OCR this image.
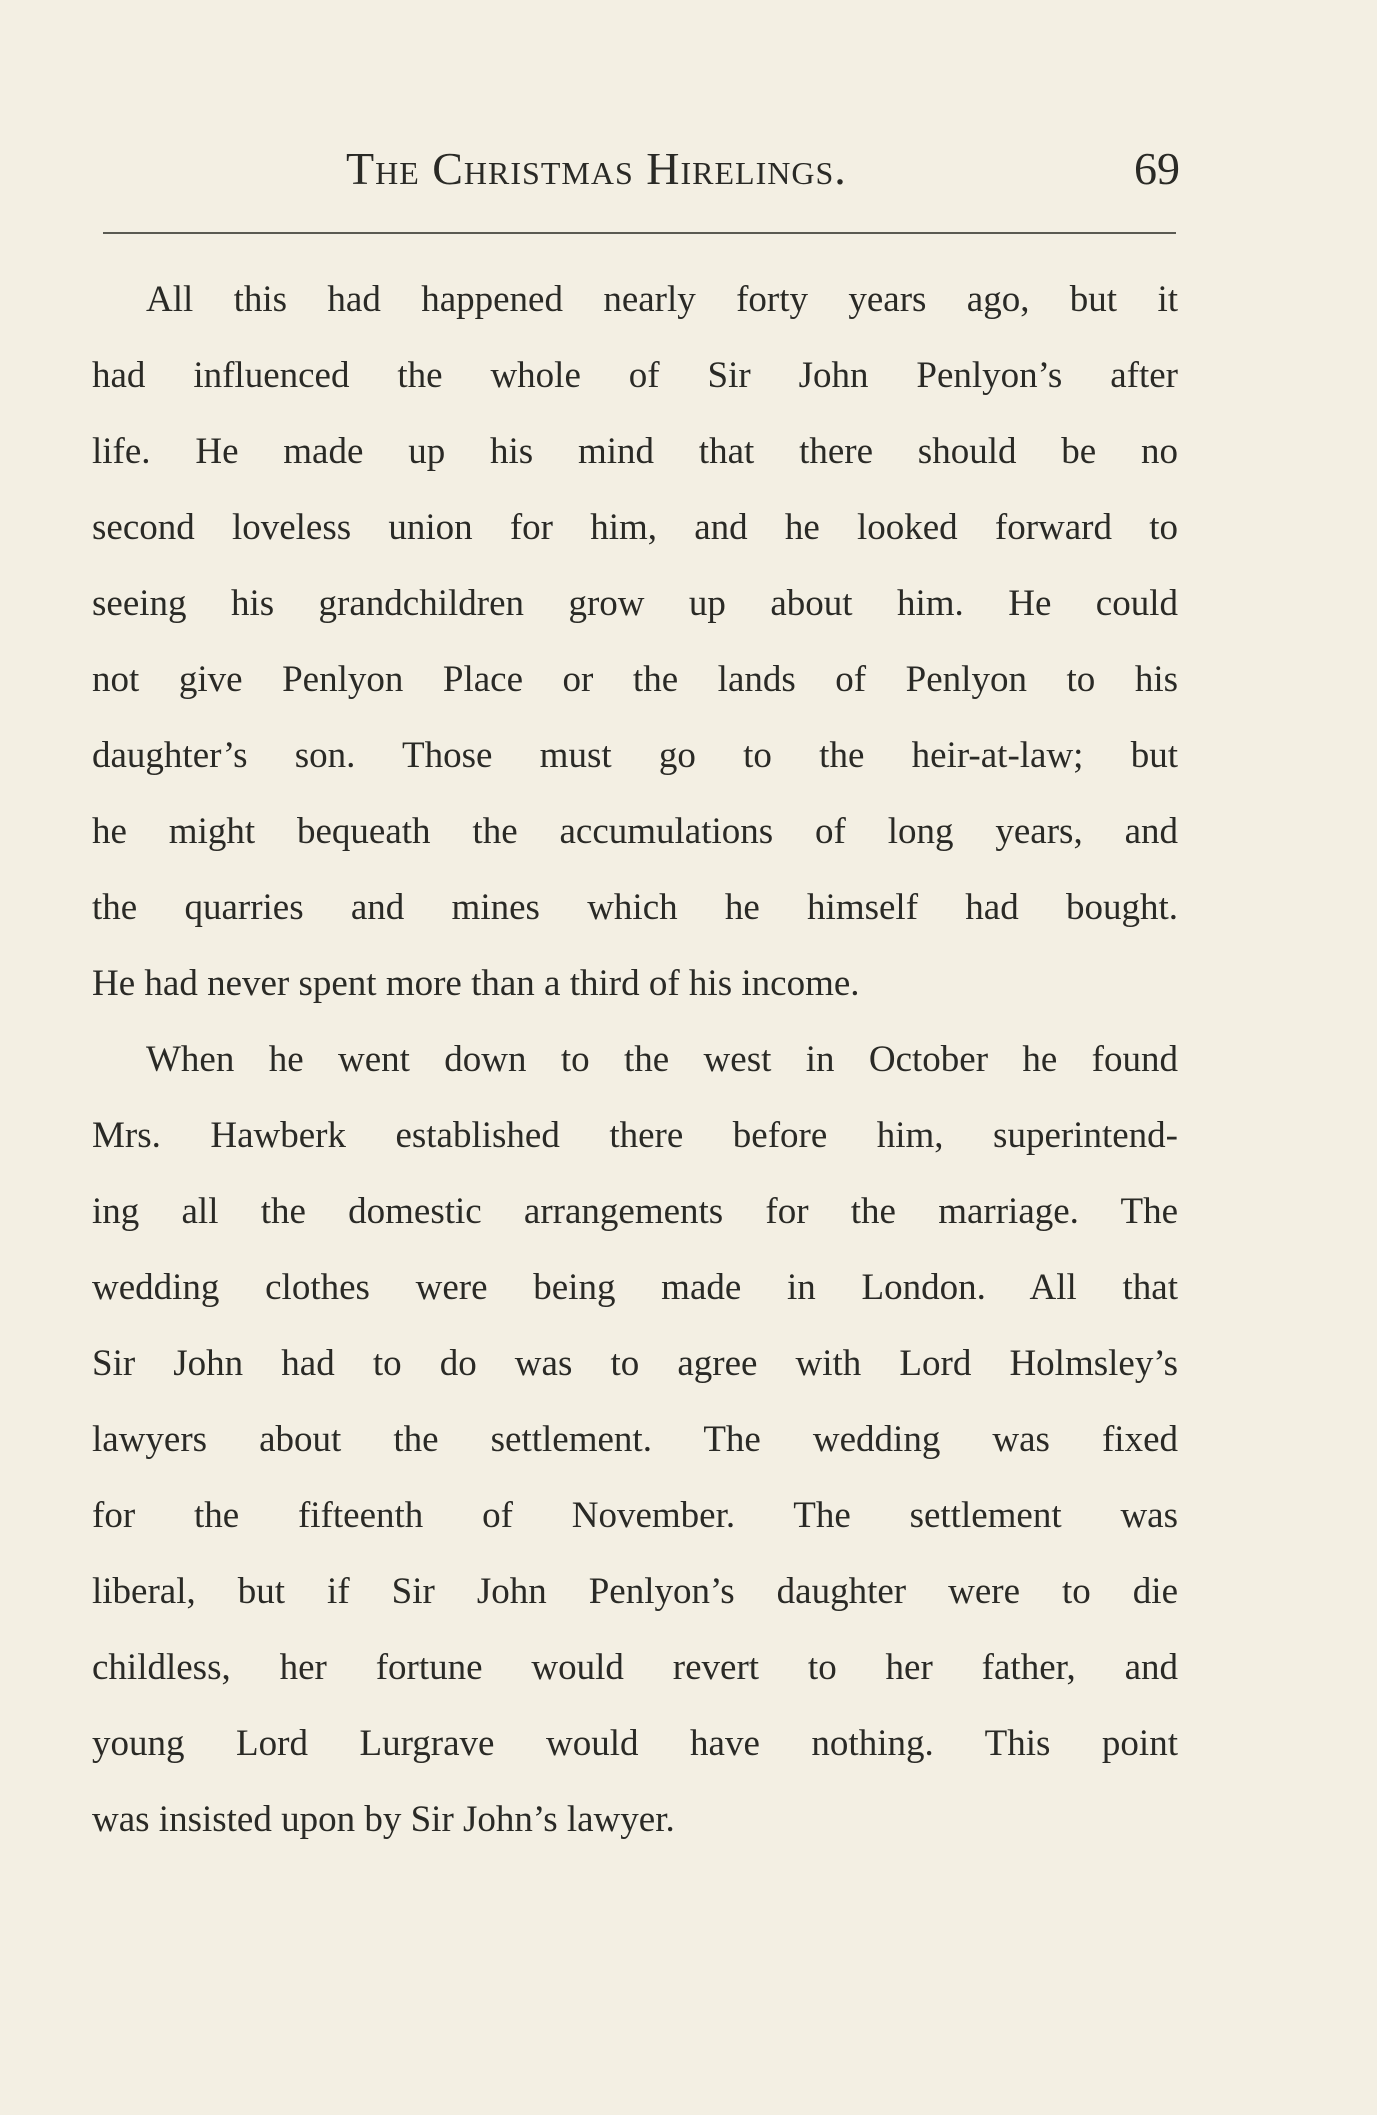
The Christmas Hirelings.	69
All this had happened nearly forty years ago, but it
had influenced the whole of Sir John Penlyon’s after
life. He made up his mind that there should be no
second loveless union for him, and he looked forward to
seeing his grandchildren grow up about him. He could
not give Penlyon Place or the lands of Penlyon to his
daughter’s son. Those must go to the heir-at-law; but
he might bequeath the accumulations of long years, and
the quarries and mines which he himself had bought.
He had never spent more than a third of his income.
When he went down to the west in October he found
Mrs. Hawberk established there before him, superintend-
ing all the domestic arrangements for the marriage. The
wedding clothes were being made in London. All that
Sir John had to do was to agree with Lord Holmsley’s
lawyers about the settlement. The wedding was fixed
for the fifteenth of November. The settlement was
liberal, but if Sir John Penlyon’s daughter were to die
childless, her fortune would revert to her father, and
young Lord Lurgrave would have nothing. This point
was insisted upon by Sir John’s lawyer.
